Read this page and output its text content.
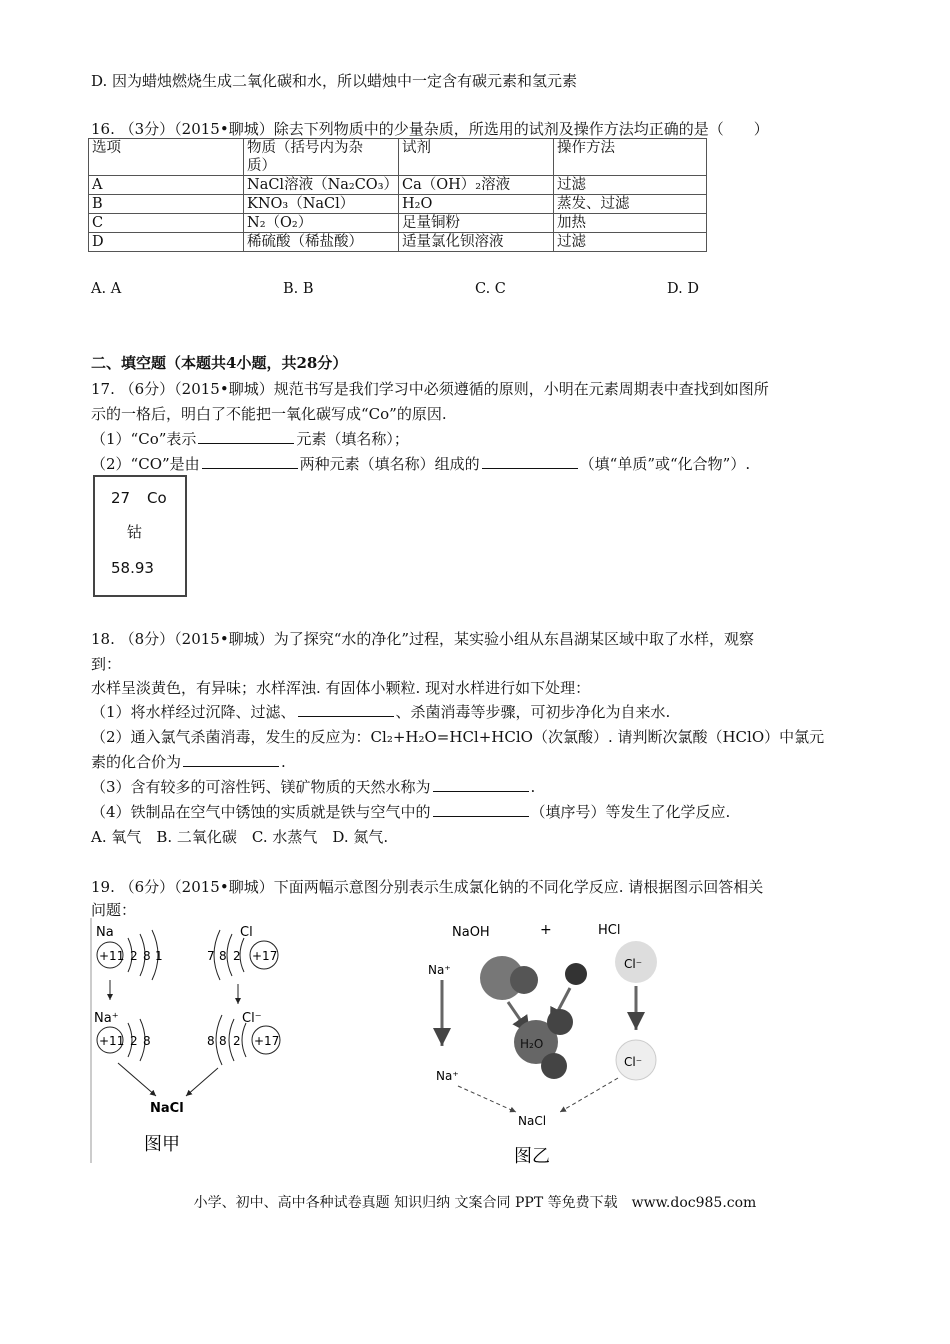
D. 因为蜡烛燃烧生成二氧化碳和水，所以蜡烛中一定含有碳元素和氢元素
16. （3分）（2015•聊城）除去下列物质中的少量杂质，所选用的试剂及操作方法均正确的是（　　）
选项	物质（括号内为杂
质）	试剂	操作方法
A	NaCl溶液（Na₂CO₃）	Ca（OH）₂溶液	过滤
B	KNO₃（NaCl）	H₂O	蒸发、过滤
C	N₂（O₂）	足量铜粉	加热
D	稀硫酸（稀盐酸）	适量氯化钡溶液	过滤
A. A	B. B	C. C	D. D
二、填空题（本题共4小题，共28分）
17. （6分）（2015•聊城）规范书写是我们学习中必须遵循的原则，小明在元素周期表中查找到如图所
示的一格后，明白了不能把一氧化碳写成“Co”的原因.
（1）“Co”表示	元素（填名称）；
（2）“CO”是由	两种元素（填名称）组成的	（填“单质”或“化合物”）.
27 Co
钴
58.93
18. （8分）（2015•聊城）为了探究“水的净化”过程，某实验小组从东昌湖某区域中取了水样，观察
到：
水样呈淡黄色，有异味；水样浑浊. 有固体小颗粒. 现对水样进行如下处理：
（1）将水样经过沉降、过滤、	、杀菌消毒等步骤，可初步净化为自来水.
（2）通入氯气杀菌消毒，发生的反应为：Cl₂+H₂O=HCl+HClO（次氯酸）. 请判断次氯酸（HClO）中氯元
素的化合价为	.
（3）含有较多的可溶性钙、镁矿物质的天然水称为	.
（4）铁制品在空气中锈蚀的实质就是铁与空气中的	（填序号）等发生了化学反应.
A. 氧气　B. 二氧化碳　C. 水蒸气　D. 氮气.
19. （6分）（2015•聊城）下面两幅示意图分别表示生成氯化钠的不同化学反应. 请根据图示回答相关
问题：
Na
+11 2 8 1
Cl
+17
7 8 2
Na⁺
+11 2 8
Cl⁻
+17
8 8 2
NaCl
图甲
NaOH	+	HCl
Na⁺	Cl⁻
H₂O
Na⁺
Cl⁻
NaCl
图乙
小学、初中、高中各种试卷真题 知识归纳 文案合同 PPT 等免费下载　www.doc985.com
